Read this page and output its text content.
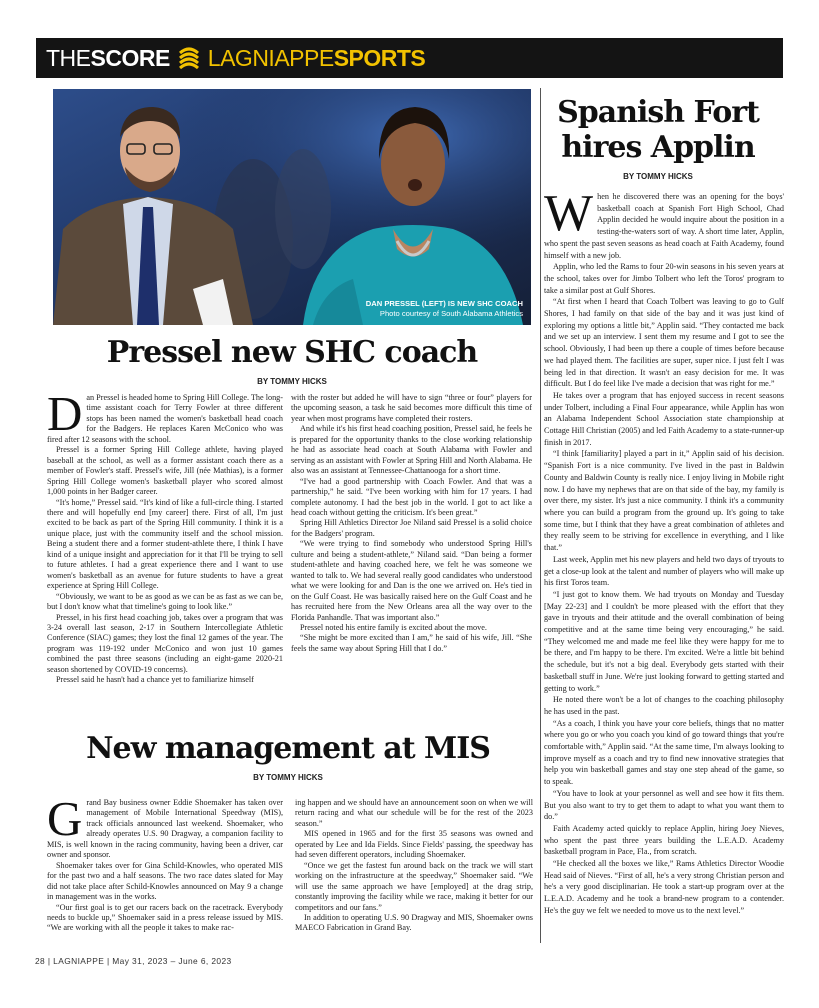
THE SCORE LAGNIAPPE SPORTS
DAN PRESSEL (LEFT) IS NEW SHC COACH
Photo courtesy of South Alabama Athletics
Pressel new SHC coach
BY TOMMY HICKS
D an Pressel is headed home to Spring Hill College. The long-time assistant coach for Terry Fowler at three different stops has been named the women's basketball head coach for the Badgers. He replaces Karen McConico who was fired after 12 seasons with the school.

Pressel is a former Spring Hill College athlete, having played baseball at the school, as well as a former assistant coach there as a member of Fowler's staff. Pressel's wife, Jill (née Mathias), is a former Spring Hill College women's basketball player who scored almost 1,000 points in her Badger career.

“It's home,” Pressel said. “It's kind of like a full-circle thing. I started there and will hopefully end [my career] there. First of all, I'm just excited to be back as part of the Spring Hill community. I think it is a unique place, just with the community itself and the school mission. Being a student there and a former student-athlete there, I think I have kind of a unique insight and appreciation for it that I'll be trying to sell to future athletes. I had a great experience there and I want to use women's basketball as an avenue for future students to have a great experience at Spring Hill College.

“Obviously, we want to be as good as we can be as fast as we can be, but I don't know what that timeline's going to look like.”

Pressel, in his first head coaching job, takes over a program that was 3-24 overall last season, 2-17 in Southern Intercollegiate Athletic Conference (SIAC) games; they lost the final 12 games of the year. The program was 119-192 under McConico and won just 10 games combined the past three seasons (including an eight-game 2020-21 season shortened by COVID-19 concerns).

Pressel said he hasn't had a chance yet to familiarize himself

with the roster but added he will have to sign “three or four” players for the upcoming season, a task he said becomes more difficult this time of year when most programs have completed their rosters.

And while it's his first head coaching position, Pressel said, he feels he is prepared for the opportunity thanks to the close working relationship he had as associate head coach at South Alabama with Fowler and serving as an assistant with Fowler at Spring Hill and North Alabama. He also was an assistant at Tennessee-Chattanooga for a short time.

“I've had a good partnership with Coach Fowler. And that was a partnership,” he said. “I've been working with him for 17 years. I had complete autonomy. I had the best job in the world. I got to act like a head coach without getting the criticism. It's been great.”

Spring Hill Athletics Director Joe Niland said Pressel is a solid choice for the Badgers' program.

“We were trying to find somebody who understood Spring Hill's culture and being a student-athlete,” Niland said. “Dan being a former student-athlete and having coached here, we felt he was someone we wanted to talk to. We had several really good candidates who understood what we were looking for and Dan is the one we arrived on. He's tied in on the Gulf Coast. He was basically raised here on the Gulf Coast and he has recruited here from the New Orleans area all the way over to the Florida Panhandle. That was important also.”

Pressel noted his entire family is excited about the move.

“She might be more excited than I am,” he said of his wife, Jill. “She feels the same way about Spring Hill that I do.”

New management at MIS
BY TOMMY HICKS
G rand Bay business owner Eddie Shoemaker has taken over management of Mobile International Speedway (MIS), track officials announced last weekend. Shoemaker, who already operates U.S. 90 Dragway, a companion facility to MIS, is well known in the racing community, having been a driver, car owner and sponsor.

Shoemaker takes over for Gina Schild-Knowles, who operated MIS for the past two and a half seasons. The two race dates slated for May did not take place after Schild-Knowles announced on May 9 a change in management was in the works.

“Our first goal is to get our racers back on the racetrack. Everybody needs to buckle up,” Shoemaker said in a press release issued by MIS. “We are working with all the people it takes to make rac-

ing happen and we should have an announcement soon on when we will return racing and what our schedule will be for the rest of the 2023 season.”

MIS opened in 1965 and for the first 35 seasons was owned and operated by Lee and Ida Fields. Since Fields' passing, the speedway has had seven different operators, including Shoemaker.

“Once we get the fastest fun around back on the track we will start working on the infrastructure at the speedway,” Shoemaker said. “We will use the same approach we have [employed] at the drag strip, constantly improving the facility while we race, making it better for our competitors and our fans.”

In addition to operating U.S. 90 Dragway and MIS, Shoemaker owns MAECO Fabrication in Grand Bay.

Spanish Fort
hires Applin
BY TOMMY HICKS
W hen he discovered there was an opening for the boys' basketball coach at Spanish Fort High School, Chad Applin decided he would inquire about the position in a testing-the-waters sort of way. A short time later, Applin, who spent the past seven seasons as head coach at Faith Academy, found himself with a new job.

Applin, who led the Rams to four 20-win seasons in his seven years at the school, takes over for Jimbo Tolbert who left the Toros' program to take a similar post at Gulf Shores.

“At first when I heard that Coach Tolbert was leaving to go to Gulf Shores, I had family on that side of the bay and it was just kind of exploring my options a little bit,” Applin said. “They contacted me back and we set up an interview. I sent them my resume and I got to see the school. Obviously, I had been up there a couple of times before because we had played them. The facilities are super, super nice. I just felt I was being led in that direction. It wasn't an easy decision for me. It was difficult. But I do feel like I've made a decision that was right for me.”

He takes over a program that has enjoyed success in recent seasons under Tolbert, including a Final Four appearance, while Applin has won an Alabama Independent School Association state championship at Cottage Hill Christian (2005) and led Faith Academy to a state-runner-up finish in 2017.

“I think [familiarity] played a part in it,” Applin said of his decision. “Spanish Fort is a nice community. I've lived in the past in Baldwin County and Baldwin County is really nice. I enjoy living in Mobile right now. I do have my nephews that are on that side of the bay, my family is over there, my sister. It's just a nice community. I think it's a community where you can build a program from the ground up. It's going to take some time, but I think that they have a great combination of athletes and they really seem to be striving for excellence in everything, and I like that.”

Last week, Applin met his new players and held two days of tryouts to get a close-up look at the talent and number of players who will make up his first Toros team.

“I just got to know them. We had tryouts on Monday and Tuesday [May 22-23] and I couldn't be more pleased with the effort that they gave in tryouts and their attitude and the overall combination of being competitive and at the same time being very encouraging,” he said. “They welcomed me and made me feel like they were happy for me to be there, and I'm happy to be there. I'm excited. We're a little bit behind the schedule, but it's not a big deal. Everybody gets started with their basketball stuff in June. We're just looking forward to getting started and getting to work.”

He noted there won't be a lot of changes to the coaching philosophy he has used in the past.

“As a coach, I think you have your core beliefs, things that no matter where you go or who you coach you kind of go toward things that you're comfortable with,” Applin said. “At the same time, I'm always looking to improve myself as a coach and try to find new innovative strategies that help you win basketball games and stay one step ahead of the game, so to speak.

“You have to look at your personnel as well and see how it fits them. But you also want to try to get them to adapt to what you want them to do.”

Faith Academy acted quickly to replace Applin, hiring Joey Nieves, who spent the past three years building the L.E.A.D. Academy basketball program in Pace, Fla., from scratch.

“He checked all the boxes we like,” Rams Athletics Director Woodie Head said of Nieves. “First of all, he's a very strong Christian person and he's a very good disciplinarian. He took a start-up program over at the L.E.A.D. Academy and he took a brand-new program to a contender. He's the guy we felt we needed to move us to the next level.”

28 | LAGNIAPPE | May 31, 2023 – June 6, 2023
